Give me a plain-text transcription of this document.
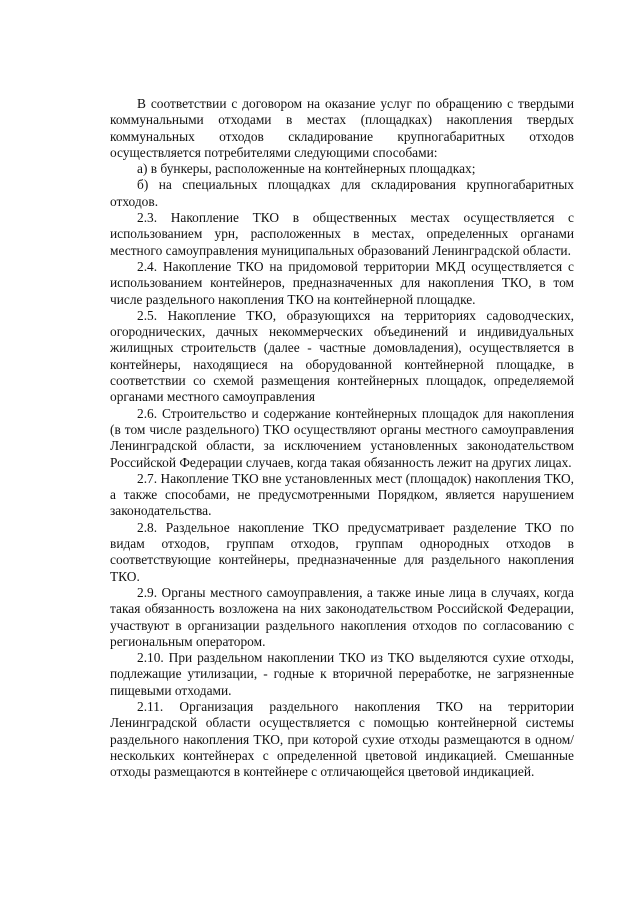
В соответствии с договором на оказание услуг по обращению с твердыми коммунальными отходами в местах (площадках) накопления твердых коммунальных отходов складирование крупногабаритных отходов осуществляется потребителями следующими способами:

а) в бункеры, расположенные на контейнерных площадках;

б) на специальных площадках для складирования крупногабаритных отходов.

2.3. Накопление ТКО в общественных местах осуществляется с использованием урн, расположенных в местах, определенных органами местного самоуправления муниципальных образований Ленинградской области.

2.4. Накопление ТКО на придомовой территории МКД осуществляется с использованием контейнеров, предназначенных для накопления ТКО, в том числе раздельного накопления ТКО на контейнерной площадке.

2.5. Накопление ТКО, образующихся на территориях садоводческих, огороднических, дачных некоммерческих объединений и индивидуальных жилищных строительств (далее - частные домовладения), осуществляется в контейнеры, находящиеся на оборудованной контейнерной площадке, в соответствии со схемой размещения контейнерных площадок, определяемой органами местного самоуправления

2.6. Строительство и содержание контейнерных площадок для накопления (в том числе раздельного) ТКО осуществляют органы местного самоуправления Ленинградской области, за исключением установленных законодательством Российской Федерации случаев, когда такая обязанность лежит на других лицах.

2.7. Накопление ТКО вне установленных мест (площадок) накопления ТКО, а также способами, не предусмотренными Порядком, является нарушением законодательства.

2.8. Раздельное накопление ТКО предусматривает разделение ТКО по видам отходов, группам отходов, группам однородных отходов в соответствующие контейнеры, предназначенные для раздельного накопления ТКО.

2.9. Органы местного самоуправления, а также иные лица в случаях, когда такая обязанность возложена на них законодательством Российской Федерации, участвуют в организации раздельного накопления отходов по согласованию с региональным оператором.

2.10. При раздельном накоплении ТКО из ТКО выделяются сухие отходы, подлежащие утилизации, - годные к вторичной переработке, не загрязненные пищевыми отходами.

2.11. Организация раздельного накопления ТКО на территории Ленинградской области осуществляется с помощью контейнерной системы раздельного накопления ТКО, при которой сухие отходы размещаются в одном/нескольких контейнерах с определенной цветовой индикацией. Смешанные отходы размещаются в контейнере с отличающейся цветовой индикацией.
